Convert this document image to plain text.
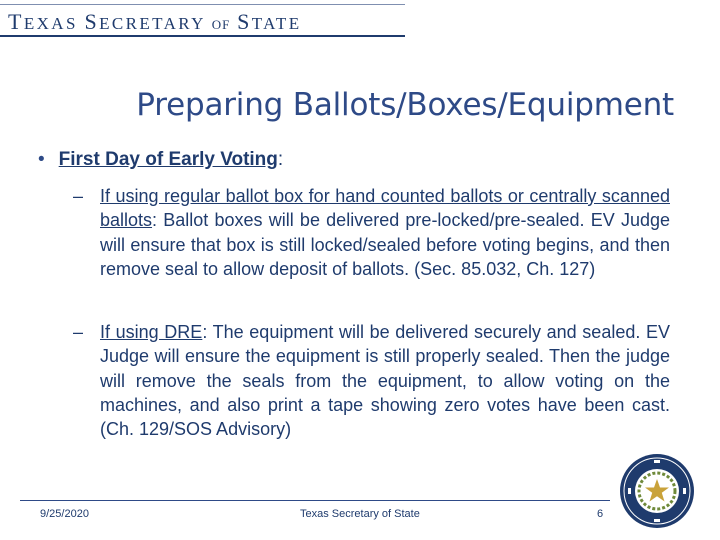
TEXAS SECRETARY OF STATE
Preparing Ballots/Boxes/Equipment
• First Day of Early Voting:
– If using regular ballot box for hand counted ballots or centrally scanned ballots: Ballot boxes will be delivered pre-locked/pre-sealed. EV Judge will ensure that box is still locked/sealed before voting begins, and then remove seal to allow deposit of ballots. (Sec. 85.032, Ch. 127)
– If using DRE: The equipment will be delivered securely and sealed. EV Judge will ensure the equipment is still properly sealed. Then the judge will remove the seals from the equipment, to allow voting on the machines, and also print a tape showing zero votes have been cast. (Ch. 129/SOS Advisory)
9/25/2020	Texas Secretary of State	6
